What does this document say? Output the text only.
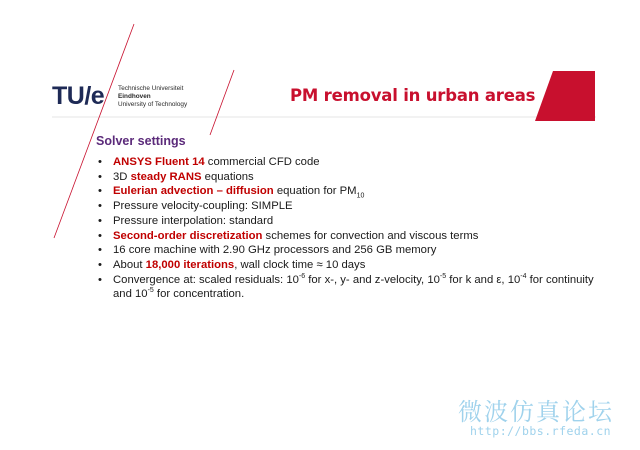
TU/e Technische Universiteit
Eindhoven
University of Technology	PM removal in urban areas
Solver settings
• ANSYS Fluent 14 commercial CFD code
• 3D steady RANS equations
• Eulerian advection – diffusion equation for $PM_{10}$
• Pressure velocity-coupling: SIMPLE
• Pressure interpolation: standard
• Second-order discretization schemes for convection and viscous terms
• 16 core machine with 2.90 GHz processors and 256 GB memory
• About 18,000 iterations, wall clock time ≈ 10 days
• Convergence at: scaled residuals: $10^{-6}$ for x-, y- and z-velocity, $10^{-5}$ for k and ε, $10^{-4}$ for continuity and $10^{-5}$ for concentration.
微波仿真论坛
http://bbs.rfeda.cn
